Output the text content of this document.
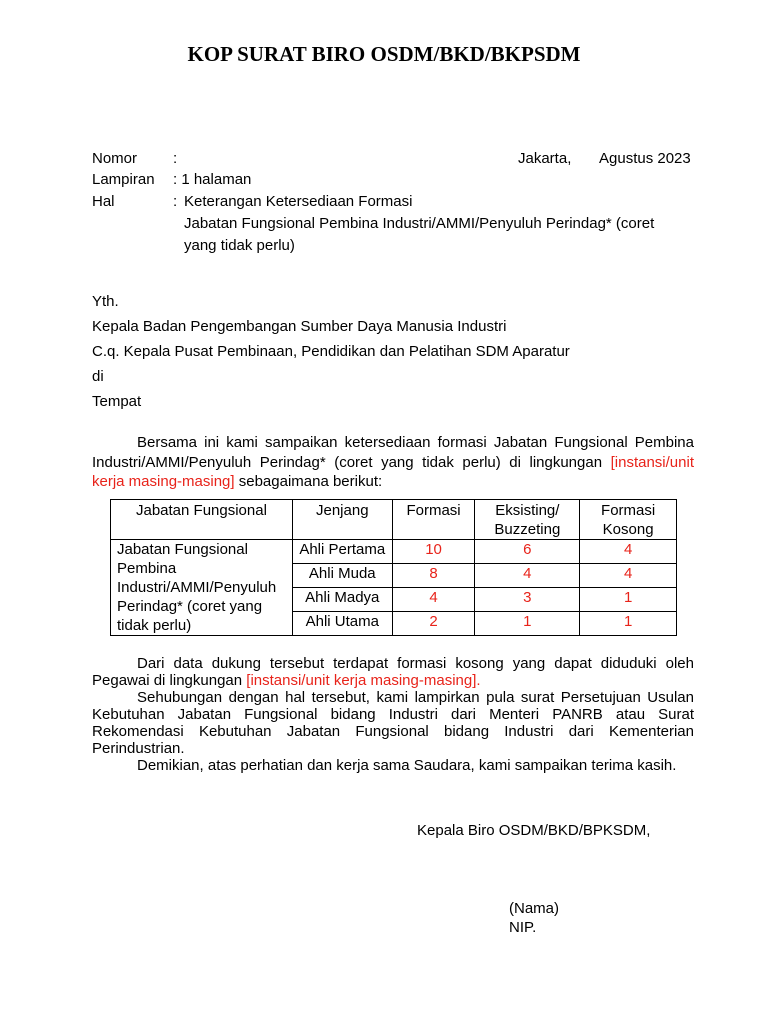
KOP SURAT BIRO OSDM/BKD/BKPSDM
Nomor :	Jakarta, Agustus 2023
Lampiran : 1 halaman
Hal	: Keterangan Ketersediaan Formasi
Jabatan Fungsional Pembina Industri/AMMI/Penyuluh Perindag* (coret
yang tidak perlu)
Yth.
Kepala Badan Pengembangan Sumber Daya Manusia Industri
C.q. Kepala Pusat Pembinaan, Pendidikan dan Pelatihan SDM Aparatur
di
Tempat
Bersama ini kami sampaikan ketersediaan formasi Jabatan Fungsional Pembina Industri/AMMI/Penyuluh Perindag* (coret yang tidak perlu) di lingkungan [instansi/unit kerja masing-masing] sebagaimana berikut:
Jabatan Fungsional	Jenjang	Formasi	Eksisting/ Buzzeting	Formasi Kosong
Jabatan Fungsional Pembina Industri/AMMI/Penyuluh Perindag* (coret yang tidak perlu)	Ahli Pertama	10	6	4
	Ahli Muda	8	4	4
	Ahli Madya	4	3	1
	Ahli Utama	2	1	1
Dari data dukung tersebut terdapat formasi kosong yang dapat diduduki oleh Pegawai di lingkungan [instansi/unit kerja masing-masing].
Sehubungan dengan hal tersebut, kami lampirkan pula surat Persetujuan Usulan Kebutuhan Jabatan Fungsional bidang Industri dari Menteri PANRB atau Surat Rekomendasi Kebutuhan Jabatan Fungsional bidang Industri dari Kementerian Perindustrian.
Demikian, atas perhatian dan kerja sama Saudara, kami sampaikan terima kasih.
Kepala Biro OSDM/BKD/BPKSDM,
(Nama)
NIP.
